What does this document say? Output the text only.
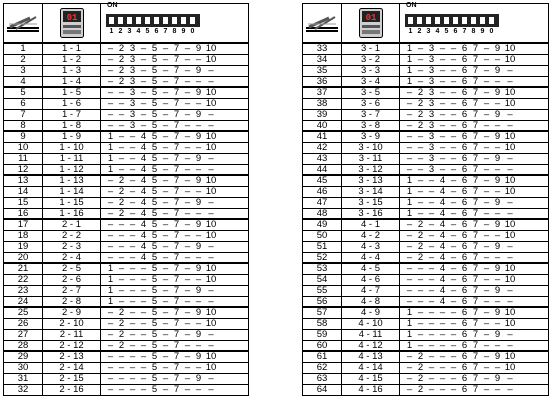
01	ON
1 2 3 4 5 6 7 8 9 0

1	1 - 1	– 2 3 – 5 – 7 – 9 10
2	1 - 2	– 2 3 – 5 – 7 – – 10
3	1 - 3	– 2 3 – 5 – 7 – 9 –
4	1 - 4	– 2 3 – 5 – 7 – – –
5	1 - 5	– – 3 – 5 – 7 – 9 10
6	1 - 6	– – 3 – 5 – 7 – – 10
7	1 - 7	– – 3 – 5 – 7 – 9 –
8	1 - 8	– – 3 – 5 – 7 – – –
9	1 - 9	1 – – 4 5 – 7 – 9 10
10	1 - 10	1 – – 4 5 – 7 – – 10
11	1 - 11	1 – – 4 5 – 7 – 9 –
12	1 - 12	1 – – 4 5 – 7 – – –
13	1 - 13	– 2 – 4 5 – 7 – 9 10
14	1 - 14	– 2 – 4 5 – 7 – – 10
15	1 - 15	– 2 – 4 5 – 7 – 9 –
16	1 - 16	– 2 – 4 5 – 7 – – –
17	2 - 1	– – – 4 5 – 7 – 9 10
18	2 - 2	– – – 4 5 – 7 – – 10
19	2 - 3	– – – 4 5 – 7 – 9 –
20	2 - 4	– – – 4 5 – 7 – – –
21	2 - 5	1 – – – 5 – 7 – 9 10
22	2 - 6	1 – – – 5 – 7 – – 10
23	2 - 7	1 – – – 5 – 7 – 9 –
24	2 - 8	1 – – – 5 – 7 – – –
25	2 - 9	– 2 – – 5 – 7 – 9 10
26	2 - 10	– 2 – – 5 – 7 – – 10
27	2 - 11	– 2 – – 5 – 7 – 9 –
28	2 - 12	– 2 – – 5 – 7 – – –
29	2 - 13	– – – – 5 – 7 – 9 10
30	2 - 14	– – – – 5 – 7 – – 10
31	2 - 15	– – – – 5 – 7 – 9 –
32	2 - 16	– – – – 5 – 7 – – –

01	ON
1 2 3 4 5 6 7 8 9 0

33	3 - 1	1 – 3 – – 6 7 – 9 10
34	3 - 2	1 – 3 – – 6 7 – – 10
35	3 - 3	1 – 3 – – 6 7 – 9 –
36	3 - 4	1 – 3 – – 6 7 – – –
37	3 - 5	– 2 3 – – 6 7 – 9 10
38	3 - 6	– 2 3 – – 6 7 – – 10
39	3 - 7	– 2 3 – – 6 7 – 9 –
40	3 - 8	– 2 3 – – 6 7 – – –
41	3 - 9	– – 3 – – 6 7 – 9 10
42	3 - 10	– – 3 – – 6 7 – – 10
43	3 - 11	– – 3 – – 6 7 – 9 –
44	3 - 12	– – 3 – – 6 7 – – –
45	3 - 13	1 – – 4 – 6 7 – 9 10
46	3 - 14	1 – – 4 – 6 7 – – 10
47	3 - 15	1 – – 4 – 6 7 – 9 –
48	3 - 16	1 – – 4 – 6 7 – – –
49	4 - 1	– 2 – 4 – 6 7 – 9 10
50	4 - 2	– 2 – 4 – 6 7 – – 10
51	4 - 3	– 2 – 4 – 6 7 – 9 –
52	4 - 4	– 2 – 4 – 6 7 – – –
53	4 - 5	– – – 4 – 6 7 – 9 10
54	4 - 6	– – – 4 – 6 7 – – 10
55	4 - 7	– – – 4 – 6 7 – 9 –
56	4 - 8	– – – 4 – 6 7 – – –
57	4 - 9	1 – – – – 6 7 – 9 10
58	4 - 10	1 – – – – 6 7 – – 10
59	4 - 11	1 – – – – 6 7 – 9 –
60	4 - 12	1 – – – – 6 7 – – –
61	4 - 13	– 2 – – – 6 7 – 9 10
62	4 - 14	– 2 – – – 6 7 – – 10
63	4 - 15	– 2 – – – 6 7 – 9 –
64	4 - 16	– 2 – – – 6 7 – – –
